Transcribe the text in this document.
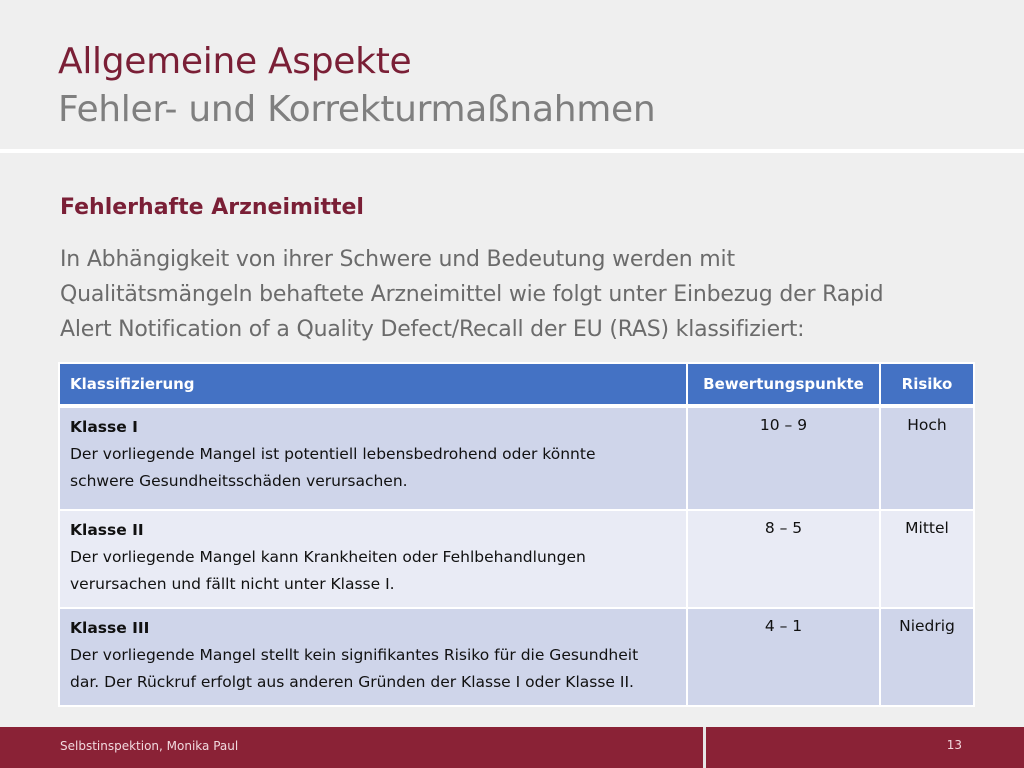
Allgemeine Aspekte
Fehler- und Korrekturmaßnahmen
Fehlerhafte Arzneimittel
In Abhängigkeit von ihrer Schwere und Bedeutung werden mit
Qualitätsmängeln behaftete Arzneimittel wie folgt unter Einbezug der Rapid
Alert Notification of a Quality Defect/Recall der EU (RAS) klassifiziert:
Klassifizierung	Bewertungspunkte	Risiko

Klasse I
Der vorliegende Mangel ist potentiell lebensbedrohend oder könnte
schwere Gesundheitsschäden verursachen.	10 – 9	Hoch

Klasse II
Der vorliegende Mangel kann Krankheiten oder Fehlbehandlungen
verursachen und fällt nicht unter Klasse I.	8 – 5	Mittel

Klasse III
Der vorliegende Mangel stellt kein signifikantes Risiko für die Gesundheit
dar. Der Rückruf erfolgt aus anderen Gründen der Klasse I oder Klasse II.	4 – 1	Niedrig
Selbstinspektion, Monika Paul	13
